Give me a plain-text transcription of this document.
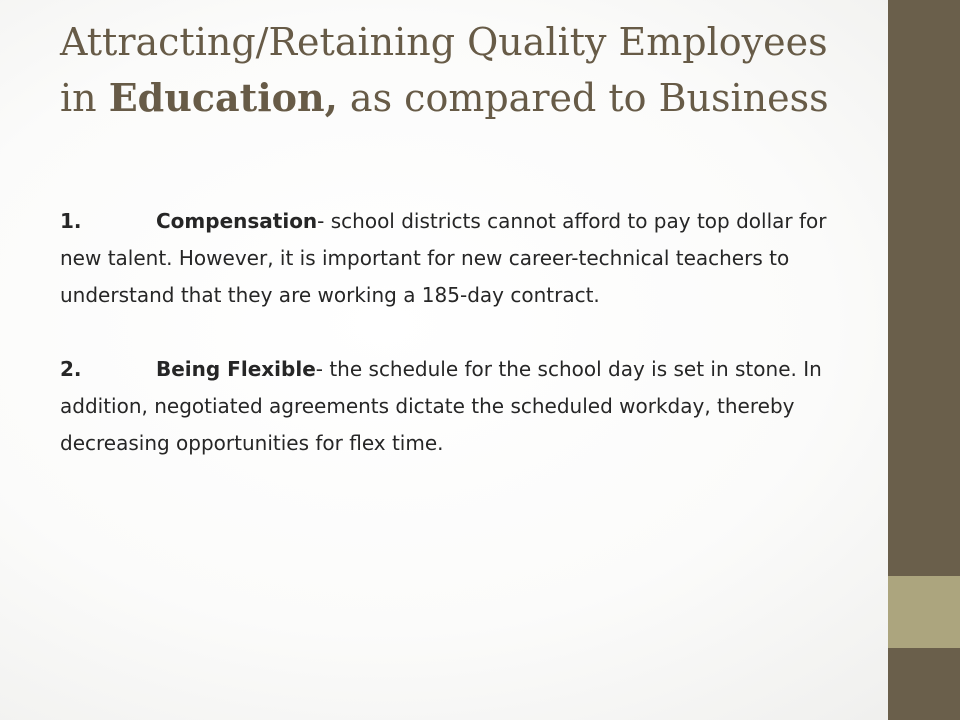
Attracting/Retaining Quality Employees in Education, as compared to Business

1.	Compensation- school districts cannot afford to pay top dollar for new talent. However, it is important for new career-technical teachers to understand that they are working a 185-day contract.

2.	Being Flexible- the schedule for the school day is set in stone. In addition, negotiated agreements dictate the scheduled workday, thereby decreasing opportunities for flex time.
